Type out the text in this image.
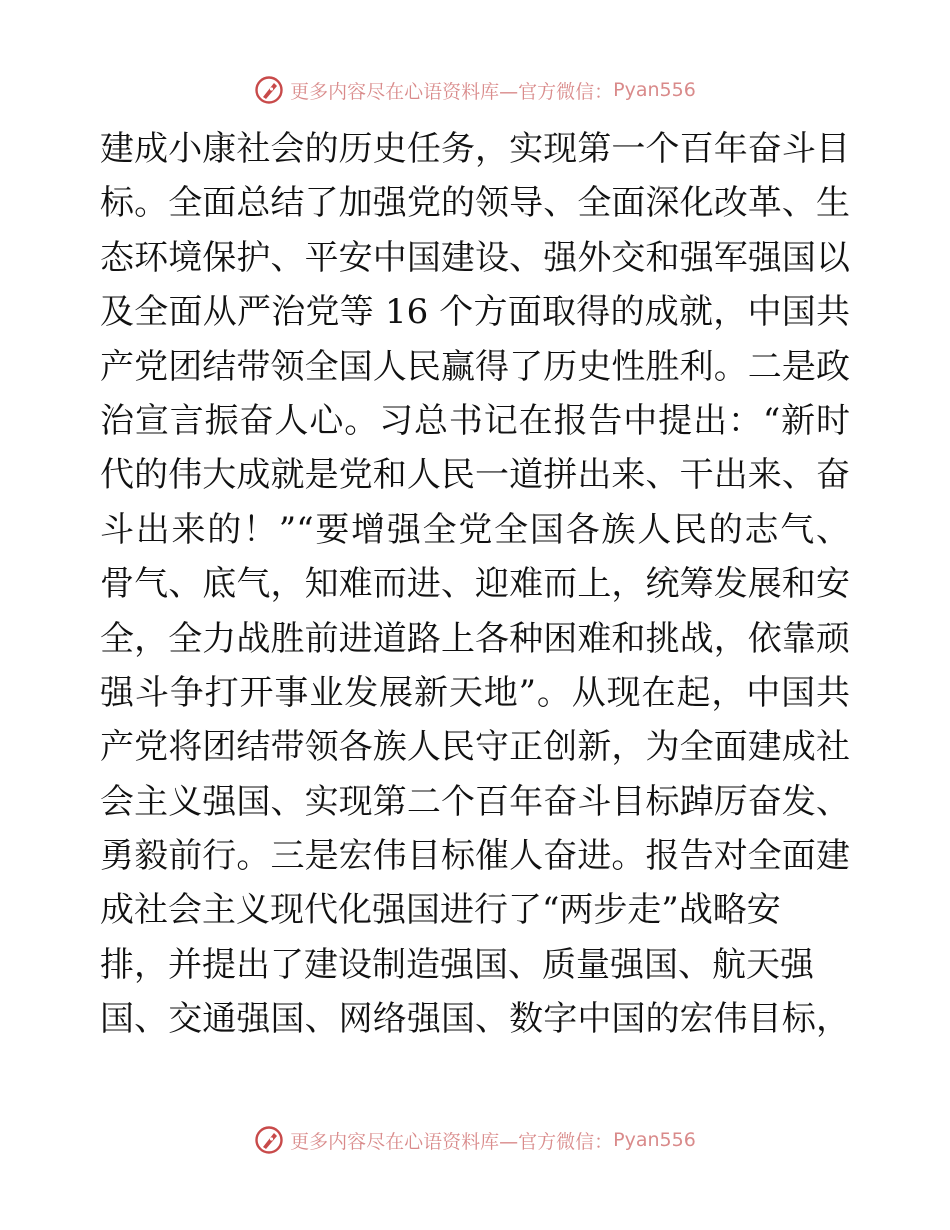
更多内容尽在心语资料库—官方微信： Pyan556
建成小康社会的历史任务，实现第一个百年奋斗目
标。全面总结了加强党的领导、全面深化改革、生
态环境保护、平安中国建设、强外交和强军强国以
及全面从严治党等 16 个方面取得的成就，中国共
产党团结带领全国人民赢得了历史性胜利。二是政
治宣言振奋人心。习总书记在报告中提出：“新时
代的伟大成就是党和人民一道拼出来、干出来、奋
斗出来的！”“要增强全党全国各族人民的志气、
骨气、底气，知难而进、迎难而上，统筹发展和安
全，全力战胜前进道路上各种困难和挑战，依靠顽
强斗争打开事业发展新天地”。从现在起，中国共
产党将团结带领各族人民守正创新，为全面建成社
会主义强国、实现第二个百年奋斗目标踔厉奋发、
勇毅前行。三是宏伟目标催人奋进。报告对全面建
成社会主义现代化强国进行了“两步走”战略安
排，并提出了建设制造强国、质量强国、航天强
国、交通强国、网络强国、数字中国的宏伟目标，
更多内容尽在心语资料库—官方微信： Pyan556
